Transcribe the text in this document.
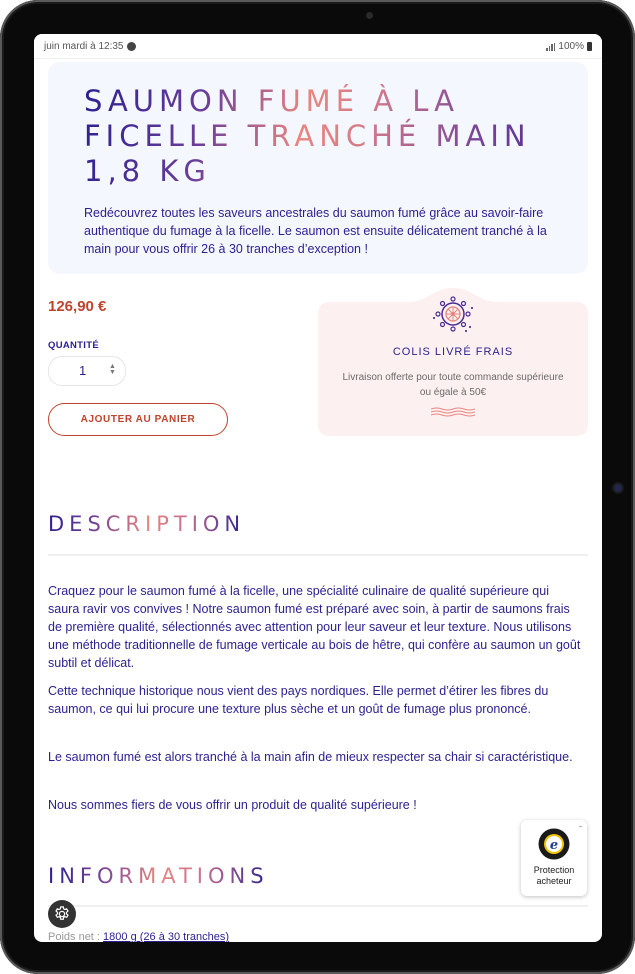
juin mardi à 12:35	100%
SAUMON FUMÉ À LA FICELLE TRANCHÉ MAIN 1,8 KG

Redécouvrez toutes les saveurs ancestrales du saumon fumé grâce au savoir-faire authentique du fumage à la ficelle. Le saumon est ensuite délicatement tranché à la main pour vous offrir 26 à 30 tranches d’exception !

126,90 €
QUANTITÉ
1	▲
▼
AJOUTER AU PANIER
COLIS LIVRÉ FRAIS
Livraison offerte pour toute commande supérieure ou égale à 50€
DESCRIPTION

Craquez pour le saumon fumé à la ficelle, une spécialité culinaire de qualité supérieure qui saura ravir vos convives ! Notre saumon fumé est préparé avec soin, à partir de saumons frais de première qualité, sélectionnés avec attention pour leur saveur et leur texture. Nous utilisons une méthode traditionnelle de fumage verticale au bois de hêtre, qui confère au saumon un goût subtil et délicat.

Cette technique historique nous vient des pays nordiques. Elle permet d’étirer les fibres du saumon, ce qui lui procure une texture plus sèche et un goût de fumage plus prononcé.

Le saumon fumé est alors tranché à la main afin de mieux respecter sa chair si caractéristique.

Nous sommes fiers de vous offrir un produit de qualité supérieure !

...
e
Protection
acheteur
INFORMATIONS
Poids net : 1800 g (26 à 30 tranches)
